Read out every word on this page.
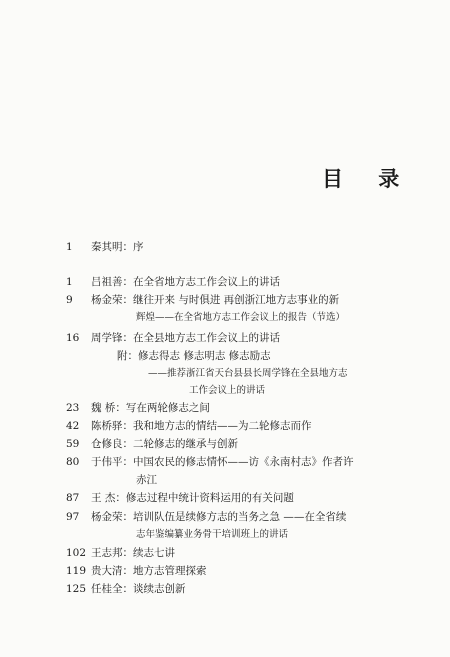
目 录
1 秦其明：序
1 吕祖善：在全省地方志工作会议上的讲话
9 杨金荣：继往开来 与时俱进 再创浙江地方志事业的新
辉煌——在全省地方志工作会议上的报告（节选）
16 周学锋：在全县地方志工作会议上的讲话
附：修志得志 修志明志 修志励志
——推荐浙江省天台县县长周学锋在全县地方志
工作会议上的讲话
23 魏 桥：写在两轮修志之间
42 陈桥驿：我和地方志的情结——为二轮修志而作
59 仓修良：二轮修志的继承与创新
80 于伟平：中国农民的修志情怀——访《永南村志》作者许
赤江
87 王 杰：修志过程中统计资料运用的有关问题
97 杨金荣：培训队伍是续修方志的当务之急 ——在全省续
志年鉴编纂业务骨干培训班上的讲话
102 王志邦：续志七讲
119 贵大清：地方志管理探索
125 任桂全：谈续志创新
